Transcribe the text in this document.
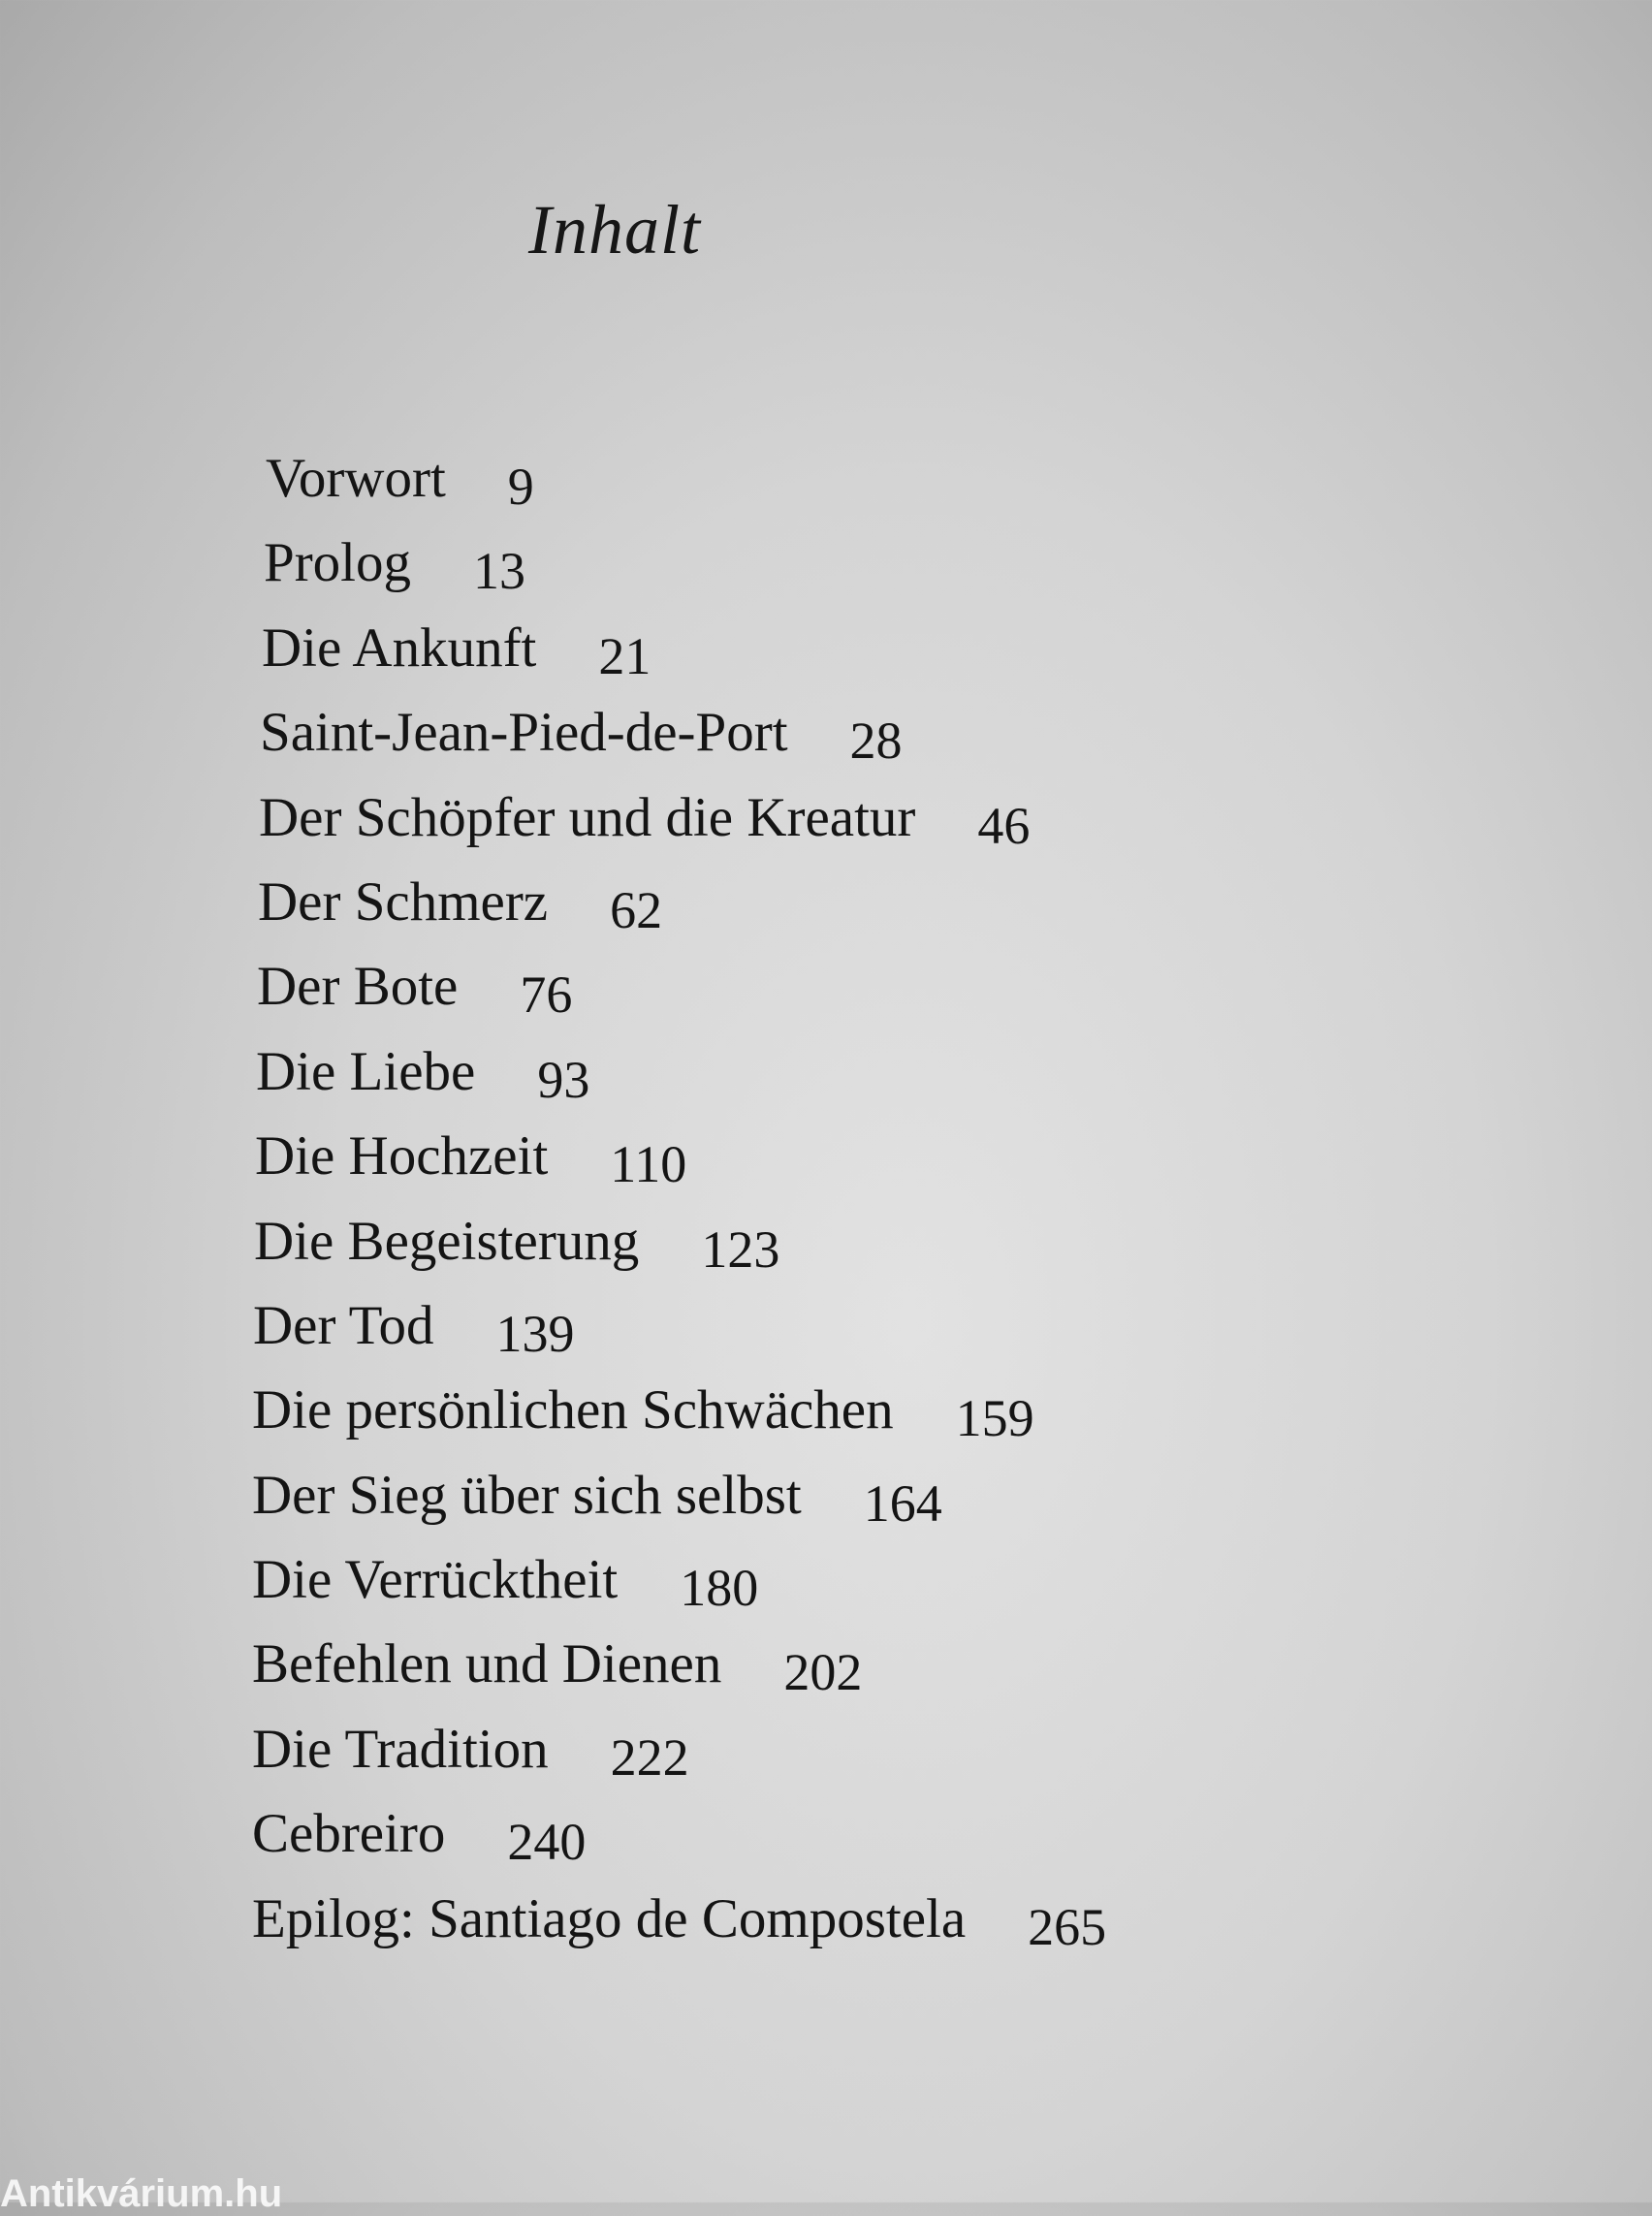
Inhalt
Vorwort 9
Prolog 13
Die Ankunft 21
Saint-Jean-Pied-de-Port 28
Der Schöpfer und die Kreatur 46
Der Schmerz 62
Der Bote 76
Die Liebe 93
Die Hochzeit 110
Die Begeisterung 123
Der Tod 139
Die persönlichen Schwächen 159
Der Sieg über sich selbst 164
Die Verrücktheit 180
Befehlen und Dienen 202
Die Tradition 222
Cebreiro 240
Epilog: Santiago de Compostela 265
Antikvárium.hu
